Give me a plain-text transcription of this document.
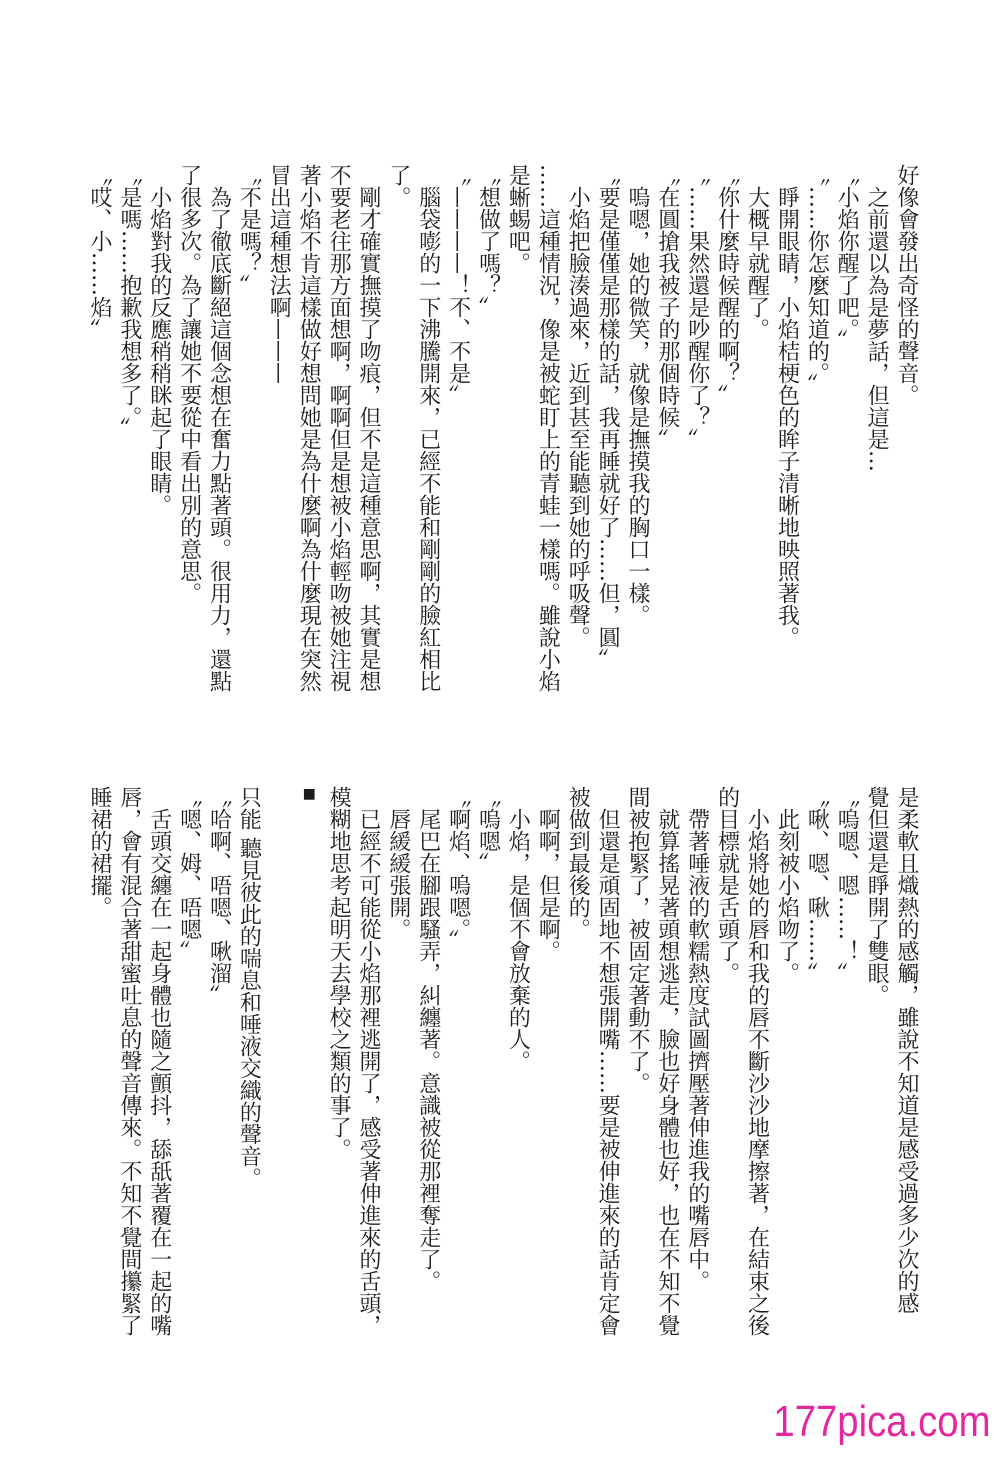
好像會發出奇怪的聲音。

　之前還以為是夢話，但這是…

〝小焰你醒了吧。〞

〝……你怎麼知道的。〞

　睜開眼睛，小焰桔梗色的眸子清晰地映照著我。

　大概早就醒了。

〝你什麼時候醒的啊？〞

〝……果然還是吵醒你了？〞

〝在圓搶我被子的那個時候〞

　嗚嗯，她的微笑，就像是撫摸我的胸口一樣。

〝要是僅僅是那樣的話，我再睡就好了……但，圓〞

　小焰把臉湊過來，近到甚至能聽到她的呼吸聲。

……這種情況，像是被蛇盯上的青蛙一樣嗎。雖說小焰

是蜥蜴吧。

〝想做了嗎？〞

〝————！不、不是〞

　腦袋嘭的一下沸騰開來，已經不能和剛剛的臉紅相比

了。

　剛才確實撫摸了吻痕，但不是這種意思啊，其實是想

不要老往那方面想啊，啊啊但是想被小焰輕吻被她注視

著小焰不肯這樣做好想問她是為什麼啊為什麼現在突然

冒出這種想法啊———

〝不是嗎？〞

　為了徹底斷絕這個念想在奮力點著頭。很用力，還點

了很多次。為了讓她不要從中看出別的意思。

　小焰對我的反應稍稍眯起了眼睛。

〝是嗎……抱歉我想多了。〞

〝哎、小……焰〞

是柔軟且熾熱的感觸，雖說不知道是感受過多少次的感

覺但還是睜開了雙眼。

〝嗚嗯、嗯……！〞

〝啾、嗯、啾……〞

　此刻被小焰吻了。

　小焰將她的唇和我的唇不斷沙沙地摩擦著，在結束之後

的目標就是舌頭了。

　帶著唾液的軟糯熱度試圖擠壓著伸進我的嘴唇中。

　就算搖晃著頭想逃走，臉也好身體也好，也在不知不覺

間被抱緊了，被固定著動不了。

　但還是頑固地不想張開嘴……要是被伸進來的話肯定會

被做到最後的。

　啊啊，但是啊。

　小焰，是個不會放棄的人。

〝嗚嗯〞

〝啊焰、嗚嗯。〞

　尾巴在腳跟騷弄，糾纏著。意識被從那裡奪走了。

　唇緩緩張開。

　已經不可能從小焰那裡逃開了，感受著伸進來的舌頭，

模糊地思考起明天去學校之類的事了。

■

只能 聽見彼此的喘息和唾液交織的聲音。

〝哈啊、唔嗯、啾溜〞

〝嗯、姆、唔嗯〞

　舌頭交纏在一起身體也隨之顫抖，舔舐著覆在一起的嘴

唇，會有混合著甜蜜吐息的聲音傳來。不知不覺間攥緊了

睡裙的裙擺。

177pica.com
